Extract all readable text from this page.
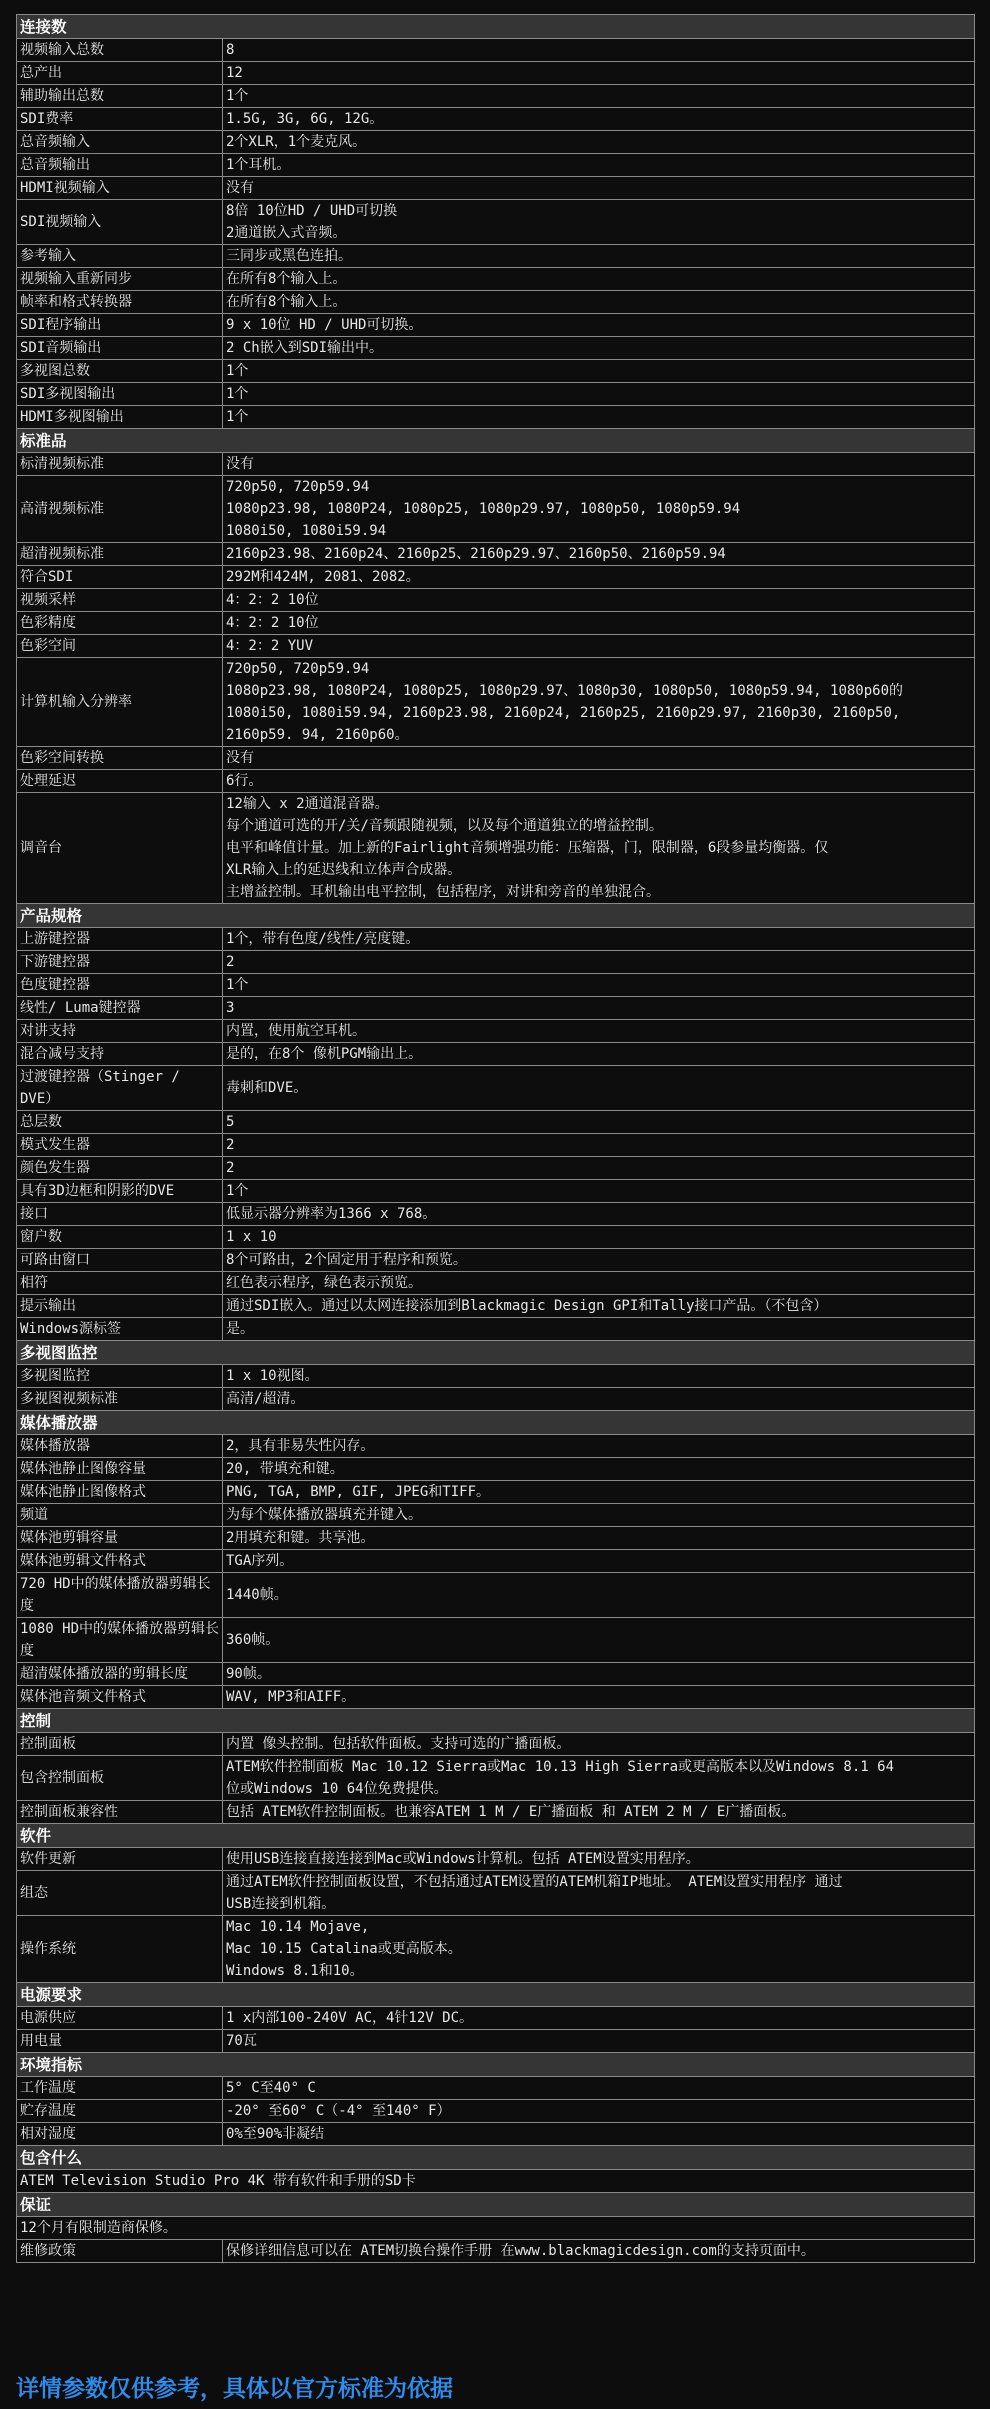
连接数	
视频输入总数	8

总产出	12

辅助输出总数	1个

SDI费率	1.5G, 3G, 6G, 12G。

总音频输入	2个XLR，1个麦克风。

总音频输出	1个耳机。

HDMI视频输入	没有

SDI视频输入	8倍 10位HD / UHD可切换
2通道嵌入式音频。

参考输入	三同步或黑色连拍。

视频输入重新同步	在所有8个输入上。

帧率和格式转换器	在所有8个输入上。

SDI程序输出	9 x 10位 HD / UHD可切换。

SDI音频输出	2 Ch嵌入到SDI输出中。

多视图总数	1个

SDI多视图输出	1个

HDMI多视图输出	1个

标准品	
标清视频标准	没有

高清视频标准	720p50, 720p59.94
1080p23.98, 1080P24, 1080p25, 1080p29.97, 1080p50, 1080p59.94
1080i50, 1080i59.94

超清视频标准	2160p23.98、2160p24、2160p25、2160p29.97、2160p50、2160p59.94

符合SDI	292M和424M, 2081、2082。

视频采样	4：2：2 10位

色彩精度	4：2：2 10位

色彩空间	4：2：2 YUV

计算机输入分辨率	720p50, 720p59.94
1080p23.98, 1080P24, 1080p25, 1080p29.97、1080p30, 1080p50, 1080p59.94, 1080p60的
1080i50, 1080i59.94, 2160p23.98, 2160p24, 2160p25, 2160p29.97, 2160p30, 2160p50,
2160p59. 94, 2160p60。

色彩空间转换	没有

处理延迟	6行。

调音台	12输入 x 2通道混音器。
每个通道可选的开/关/音频跟随视频，以及每个通道独立的增益控制。
电平和峰值计量。加上新的Fairlight音频增强功能：压缩器，门，限制器，6段参量均衡器。仅
XLR输入上的延迟线和立体声合成器。
主增益控制。耳机输出电平控制，包括程序，对讲和旁音的单独混合。

产品规格	
上游键控器	1个，带有色度/线性/亮度键。

下游键控器	2

色度键控器	1个

线性/ Luma键控器	3

对讲支持	内置，使用航空耳机。

混合减号支持	是的，在8个 像机PGM输出上。

过渡键控器（Stinger / DVE）	毒刺和DVE。

总层数	5

模式发生器	2

颜色发生器	2

具有3D边框和阴影的DVE	1个

接口	低显示器分辨率为1366 x 768。

窗户数	1 x 10

可路由窗口	8个可路由，2个固定用于程序和预览。

相符	红色表示程序，绿色表示预览。

提示输出	通过SDI嵌入。通过以太网连接添加到Blackmagic Design GPI和Tally接口产品。（不包含）

Windows源标签	是。

多视图监控	
多视图监控	1 x 10视图。

多视图视频标准	高清/超清。

媒体播放器	
媒体播放器	2，具有非易失性闪存。

媒体池静止图像容量	20, 带填充和键。

媒体池静止图像格式	PNG, TGA, BMP, GIF, JPEG和TIFF。

频道	为每个媒体播放器填充并键入。

媒体池剪辑容量	2用填充和键。共享池。

媒体池剪辑文件格式	TGA序列。

720 HD中的媒体播放器剪辑长度	1440帧。

1080 HD中的媒体播放器剪辑长度	360帧。

超清媒体播放器的剪辑长度	90帧。

媒体池音频文件格式	WAV, MP3和AIFF。

控制	
控制面板	内置 像头控制。包括软件面板。支持可选的广播面板。

包含控制面板	ATEM软件控制面板 Mac 10.12 Sierra或Mac 10.13 High Sierra或更高版本以及Windows 8.1 64
位或Windows 10 64位免费提供。

控制面板兼容性	包括 ATEM软件控制面板。也兼容ATEM 1 M / E广播面板 和 ATEM 2 M / E广播面板。

软件	
软件更新	使用USB连接直接连接到Mac或Windows计算机。包括 ATEM设置实用程序。

组态	通过ATEM软件控制面板设置，不包括通过ATEM设置的ATEM机箱IP地址。 ATEM设置实用程序 通过
USB连接到机箱。

操作系统	Mac 10.14 Mojave,
Mac 10.15 Catalina或更高版本。
Windows 8.1和10。

电源要求	
电源供应	1 x内部100-240V AC，4针12V DC。

用电量	70瓦

环境指标	
工作温度	5° C至40° C

贮存温度	-20° 至60° C（-4° 至140° F）

相对湿度	0%至90%非凝结

包含什么	
ATEM Television Studio Pro 4K 带有软件和手册的SD卡	
保证	
12个月有限制造商保修。	
维修政策	保修详细信息可以在 ATEM切换台操作手册 在www.blackmagicdesign.com的支持页面中。
详情参数仅供参考，具体以官方标准为依据
